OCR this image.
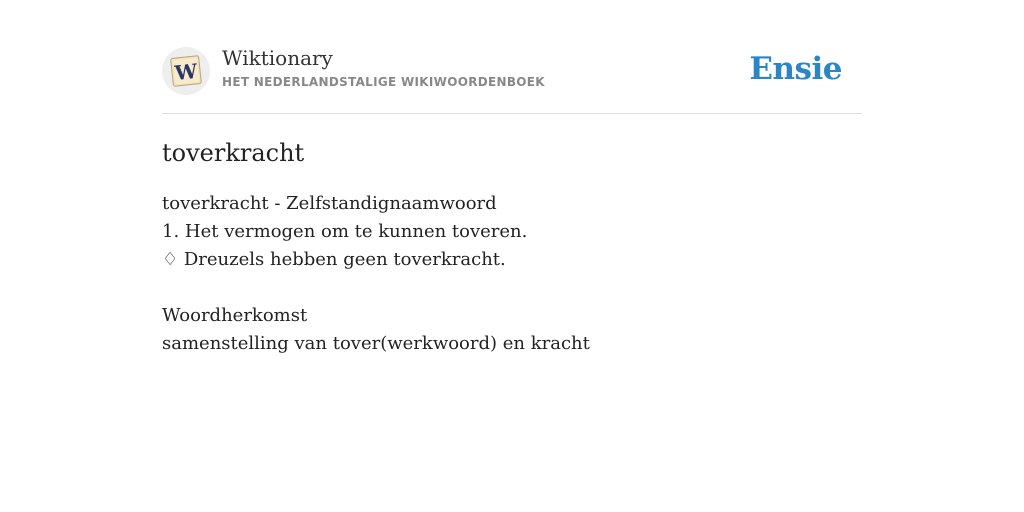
W
Wiktionary
HET NEDERLANDSTALIGE WIKIWOORDENBOEK	Ensie
toverkracht
toverkracht - Zelfstandignaamwoord
1. Het vermogen om te kunnen toveren.
♢ Dreuzels hebben geen toverkracht.
Woordherkomst
samenstelling van tover(werkwoord) en kracht
